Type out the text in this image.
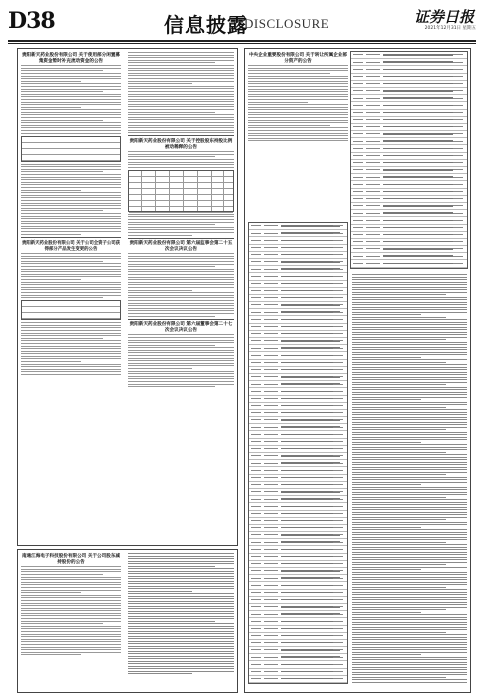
D38	信息披露
DISCLOSURE	证券日报
2021年12月31日 星期五
贵阳新天药业股份有限公司 关于使用部分闲置募集资金暂时补充流动资金的公告
贵阳新天药业股份有限公司 关于公司全资子公司获得部分产品发生变更的公告
贵阳新天药业股份有限公司 关于控股股东持股比例被动稀释的公告
贵阳新天药业股份有限公司 第六届监事会第二十五次会议决议公告
贵阳新天药业股份有限公司 第六届董事会第二十七次会议决议公告
南通江海电子科技股份有限公司 关于公司股东减持股份的公告
中央企业重要股份有限公司 关于转让所属企业部分资产的公告
